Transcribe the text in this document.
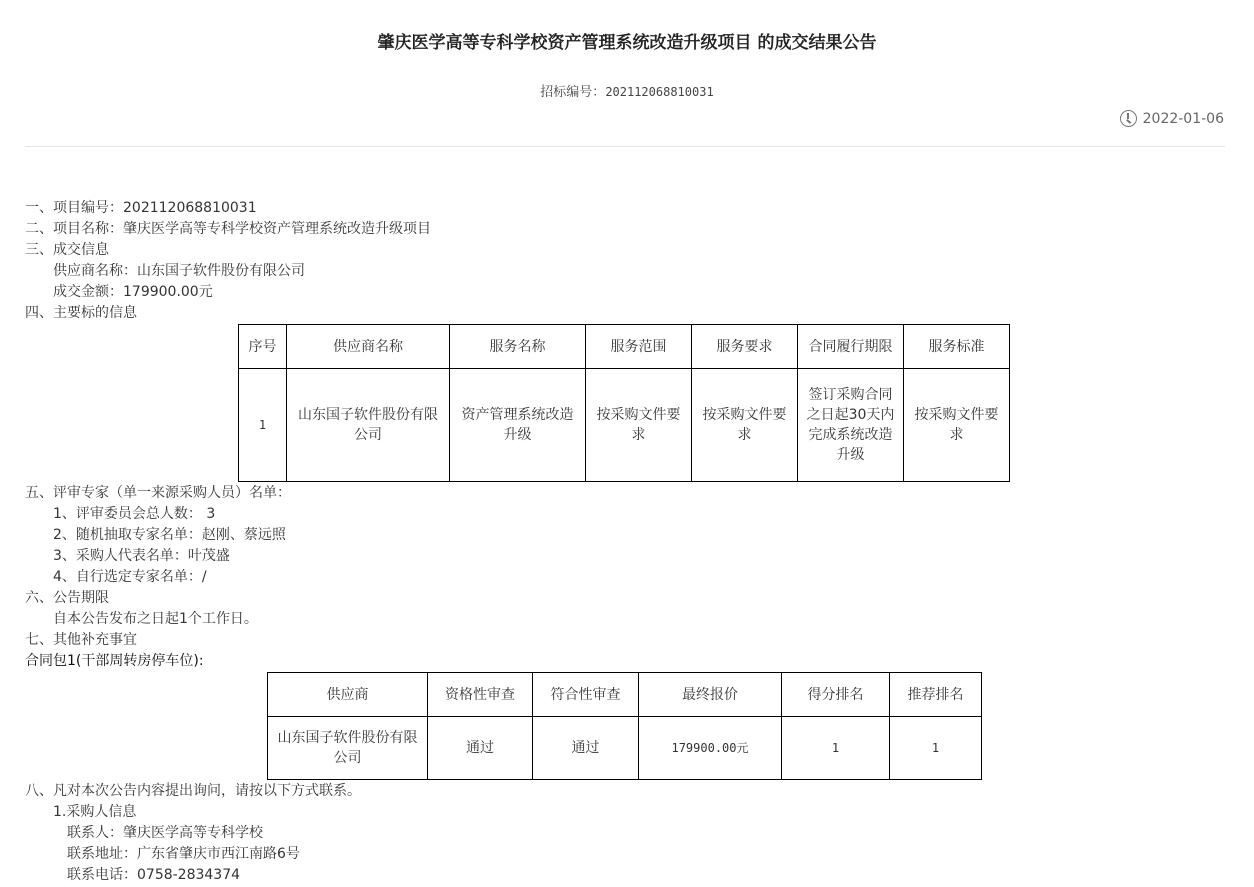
肇庆医学高等专科学校资产管理系统改造升级项目 的成交结果公告
招标编号：202112068810031
2022-01-06
一、项目编号：202112068810031
二、项目名称：肇庆医学高等专科学校资产管理系统改造升级项目
三、成交信息
供应商名称：山东国子软件股份有限公司
成交金额：179900.00元
四、主要标的信息
序号	供应商名称	服务名称	服务范围	服务要求	合同履行期限	服务标准
1	山东国子软件股份有限公司	资产管理系统改造升级	按采购文件要求	按采购文件要求	签订采购合同之日起30天内完成系统改造升级	按采购文件要求
五、评审专家（单一来源采购人员）名单：
1、评审委员会总人数： 3
2、随机抽取专家名单：赵刚、蔡远照
3、采购人代表名单：叶茂盛
4、自行选定专家名单：/
六、公告期限
自本公告发布之日起1个工作日。
七、其他补充事宜
合同包1(干部周转房停车位):
供应商	资格性审查	符合性审查	最终报价	得分排名	推荐排名
山东国子软件股份有限公司	通过	通过	179900.00元	1	1
八、凡对本次公告内容提出询问，请按以下方式联系。
1.采购人信息
联系人：肇庆医学高等专科学校
联系地址：广东省肇庆市西江南路6号
联系电话：0758-2834374
